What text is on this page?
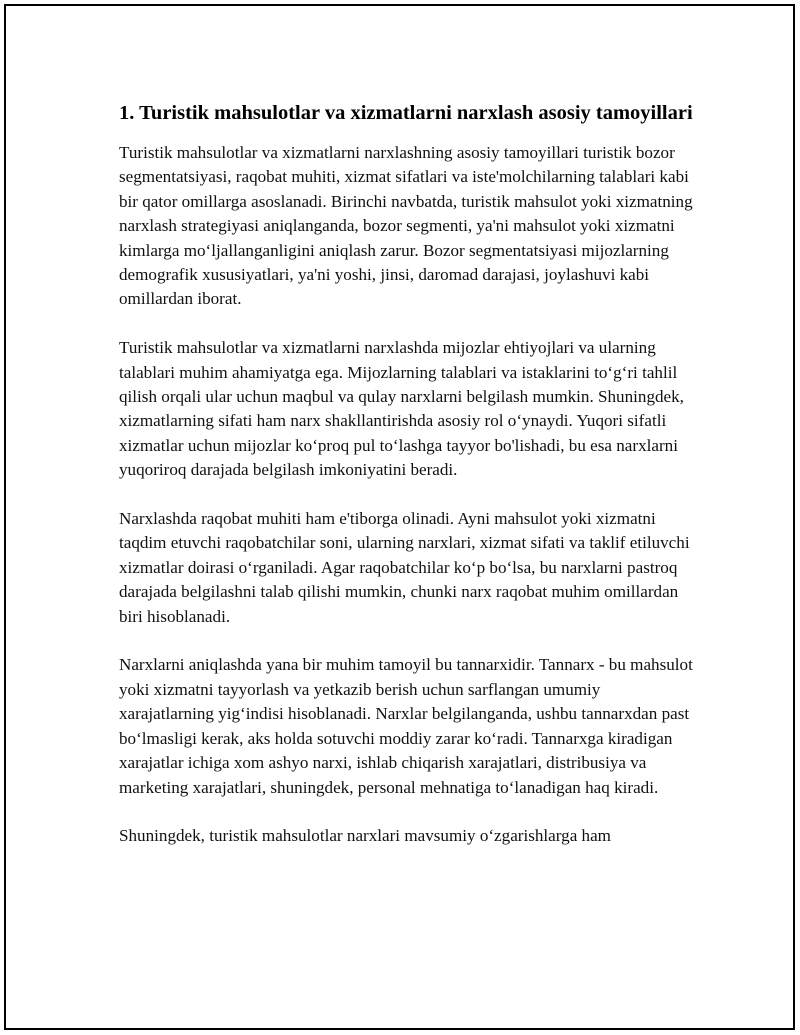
1. Turistik mahsulotlar va xizmatlarni narxlash asosiy tamoyillari

Turistik mahsulotlar va xizmatlarni narxlashning asosiy tamoyillari turistik bozor segmentatsiyasi, raqobat muhiti, xizmat sifatlari va iste'molchilarning talablari kabi bir qator omillarga asoslanadi. Birinchi navbatda, turistik mahsulot yoki xizmatning narxlash strategiyasi aniqlanganda, bozor segmenti, ya'ni mahsulot yoki xizmatni kimlarga mo‘ljallanganligini aniqlash zarur. Bozor segmentatsiyasi mijozlarning demografik xususiyatlari, ya'ni yoshi, jinsi, daromad darajasi, joylashuvi kabi omillardan iborat.

Turistik mahsulotlar va xizmatlarni narxlashda mijozlar ehtiyojlari va ularning talablari muhim ahamiyatga ega. Mijozlarning talablari va istaklarini to‘g‘ri tahlil qilish orqali ular uchun maqbul va qulay narxlarni belgilash mumkin. Shuningdek, xizmatlarning sifati ham narx shakllantirishda asosiy rol o‘ynaydi. Yuqori sifatli xizmatlar uchun mijozlar ko‘proq pul to‘lashga tayyor bo'lishadi, bu esa narxlarni yuqoriroq darajada belgilash imkoniyatini beradi.

Narxlashda raqobat muhiti ham e'tiborga olinadi. Ayni mahsulot yoki xizmatni taqdim etuvchi raqobatchilar soni, ularning narxlari, xizmat sifati va taklif etiluvchi xizmatlar doirasi o‘rganiladi. Agar raqobatchilar ko‘p bo‘lsa, bu narxlarni pastroq darajada belgilashni talab qilishi mumkin, chunki narx raqobat muhim omillardan biri hisoblanadi.

Narxlarni aniqlashda yana bir muhim tamoyil bu tannarxidir. Tannarx - bu mahsulot yoki xizmatni tayyorlash va yetkazib berish uchun sarflangan umumiy xarajatlarning yig‘indisi hisoblanadi. Narxlar belgilanganda, ushbu tannarxdan past bo‘lmasligi kerak, aks holda sotuvchi moddiy zarar ko‘radi. Tannarxga kiradigan xarajatlar ichiga xom ashyo narxi, ishlab chiqarish xarajatlari, distribusiya va marketing xarajatlari, shuningdek, personal mehnatiga to‘lanadigan haq kiradi.

Shuningdek, turistik mahsulotlar narxlari mavsumiy o‘zgarishlarga ham
